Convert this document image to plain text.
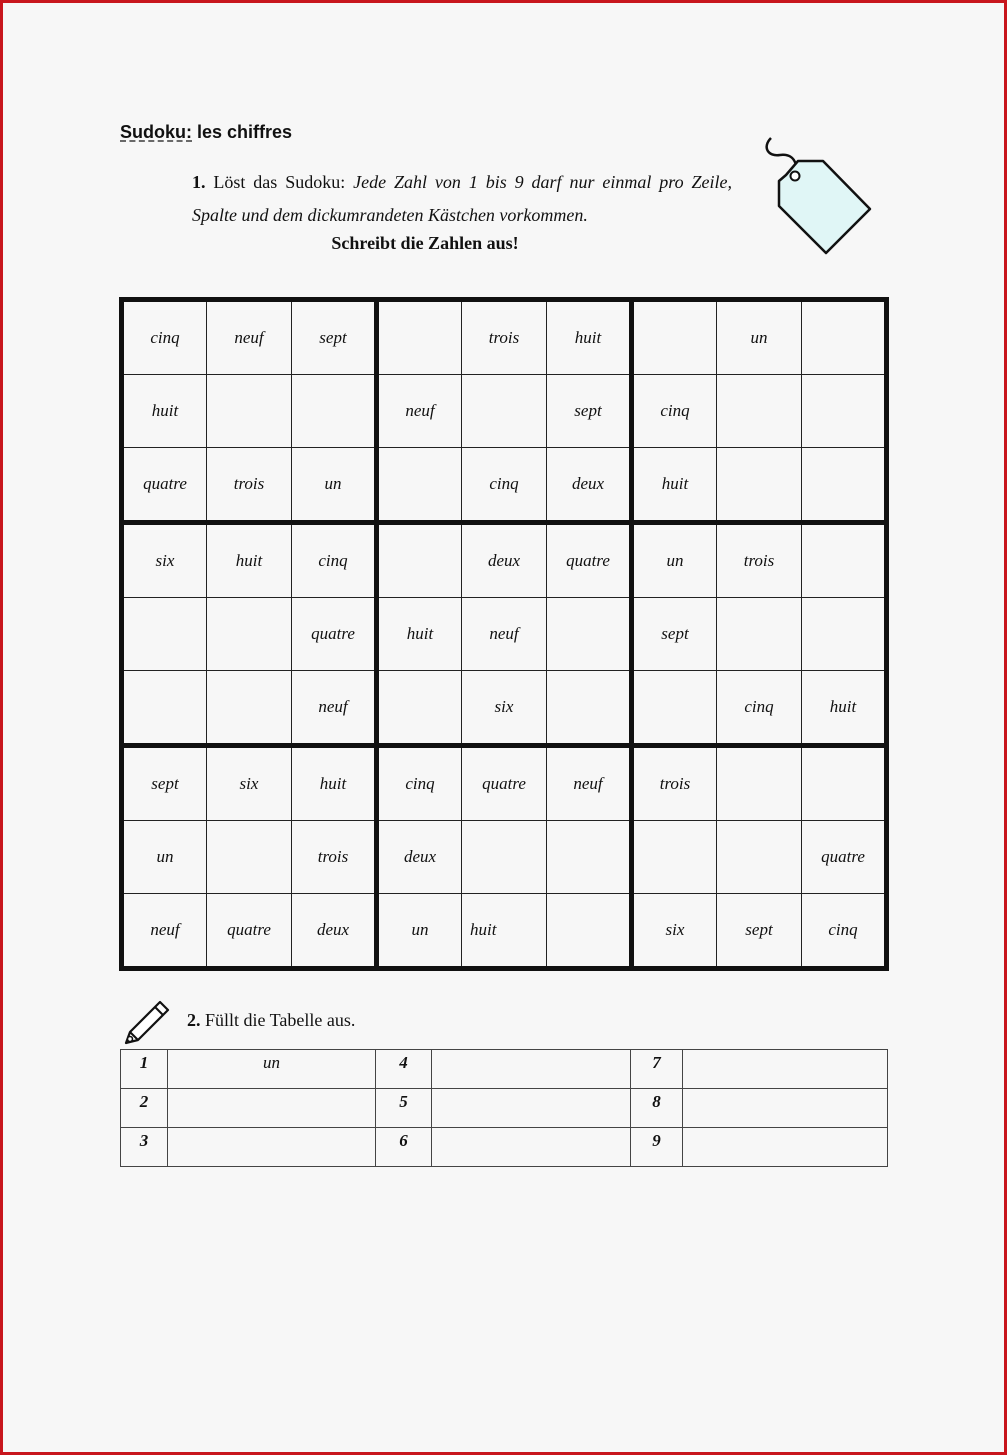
Sudoku: les chiffres
1. Löst das Sudoku: Jede Zahl von 1 bis 9 darf nur einmal pro Zeile, Spalte und dem dickumrandeten Kästchen vorkommen.
Schreibt die Zahlen aus!
cinq	neuf	sept		trois	huit		un	
huit			neuf		sept	cinq		
quatre	trois	un		cinq	deux	huit		
six	huit	cinq		deux	quatre	un	trois	
		quatre	huit	neuf		sept		
		neuf		six			cinq	huit
sept	six	huit	cinq	quatre	neuf	trois		
un		trois	deux					quatre
neuf	quatre	deux	un	huit		six	sept	cinq
2. Füllt die Tabelle aus.
1	un	4		7	
2		5		8	
3		6		9	
